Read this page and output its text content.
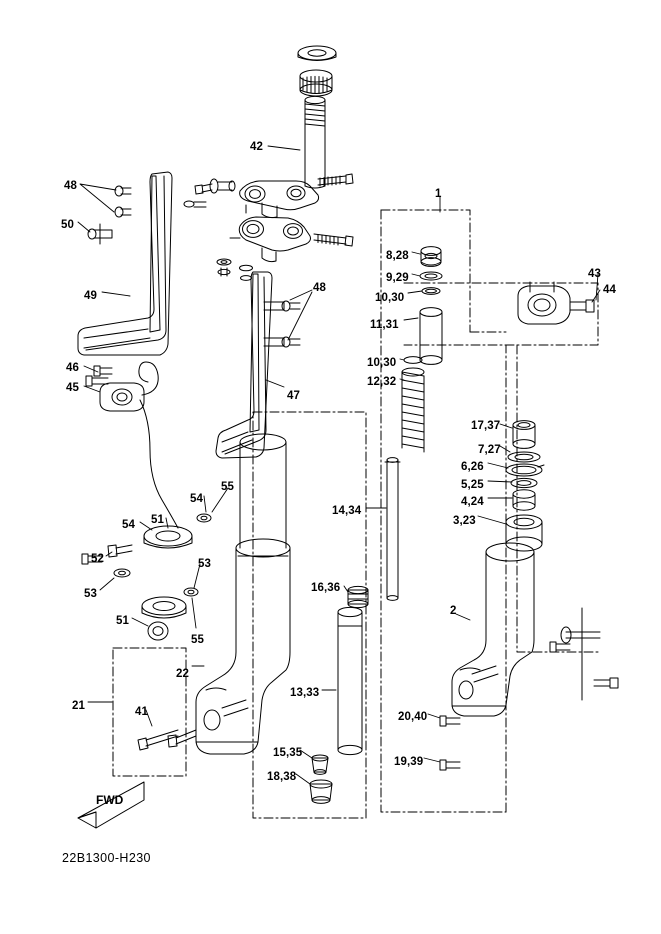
42
1
48
50
49
48
8,28
9,29
10,30
11,31
10,30
12,32
43
44
46
45
47
17,37
7,27
6,26
5,25
4,24
3,23
14,34
54
55
54 51
52	53
53
51
55
16,36
2
22
21	41
13,33
20,40
19,39
15,35
18,38
FWD
22B1300-H230
